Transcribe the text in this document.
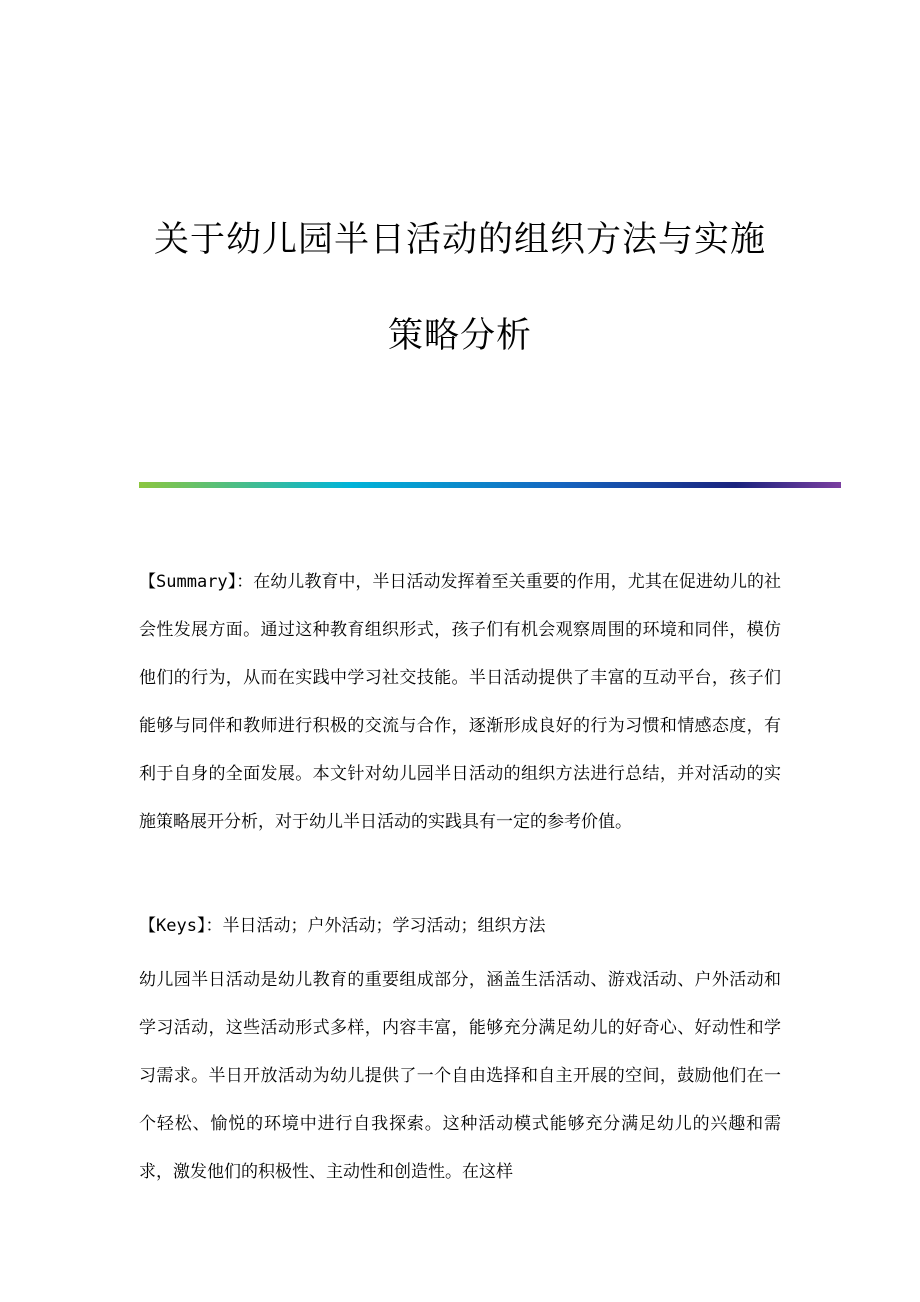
关于幼儿园半日活动的组织方法与实施
策略分析

【Summary】：在幼儿教育中，半日活动发挥着至关重要的作用，尤其在促进幼儿的社会性发展方面。通过这种教育组织形式，孩子们有机会观察周围的环境和同伴，模仿他们的行为，从而在实践中学习社交技能。半日活动提供了丰富的互动平台，孩子们能够与同伴和教师进行积极的交流与合作，逐渐形成良好的行为习惯和情感态度，有利于自身的全面发展。本文针对幼儿园半日活动的组织方法进行总结，并对活动的实施策略展开分析，对于幼儿半日活动的实践具有一定的参考价值。

【Keys】：半日活动；户外活动；学习活动；组织方法

幼儿园半日活动是幼儿教育的重要组成部分，涵盖生活活动、游戏活动、户外活动和学习活动，这些活动形式多样，内容丰富，能够充分满足幼儿的好奇心、好动性和学习需求。半日开放活动为幼儿提供了一个自由选择和自主开展的空间，鼓励他们在一个轻松、愉悦的环境中进行自我探索。这种活动模式能够充分满足幼儿的兴趣和需求，激发他们的积极性、主动性和创造性。在这样
